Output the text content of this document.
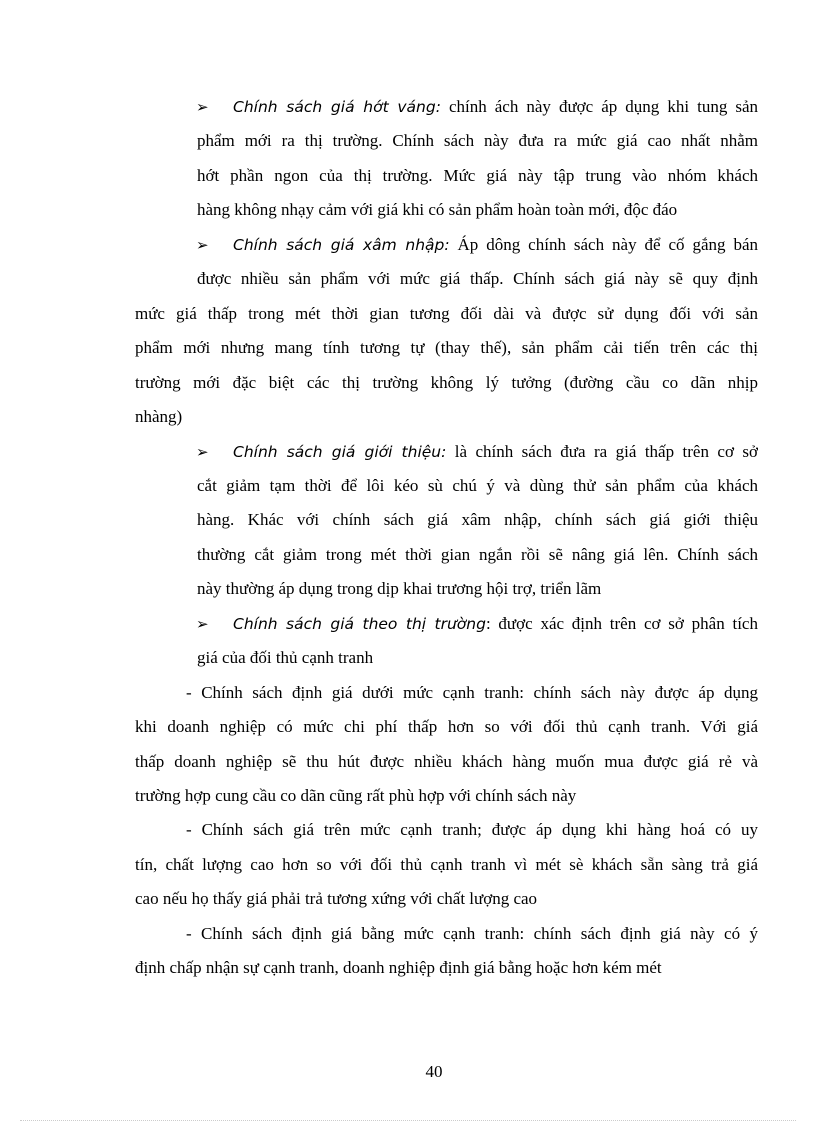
➢ Chính sách giá hớt váng: chính ách này được áp dụng khi tung sản
phẩm mới ra thị trường. Chính sách này đưa ra mức giá cao nhất nhằm
hớt phần ngon của thị trường. Mức giá này tập trung vào nhóm khách
hàng không nhạy cảm với giá khi có sản phẩm hoàn toàn mới, độc đáo
➢ Chính sách giá xâm nhập: Áp dông chính sách này để cố gắng bán
được nhiều sản phẩm với mức giá thấp. Chính sách giá này sẽ quy định
mức giá thấp trong mét thời gian tương đối dài và được sử dụng đối với sản
phẩm mới nhưng mang tính tương tự (thay thế), sản phẩm cải tiến trên các thị
trường mới đặc biệt các thị trường không lý tưởng (đường cầu co dãn nhịp
nhàng)
➢ Chính sách giá giới thiệu: là chính sách đưa ra giá thấp trên cơ sở
cắt giảm tạm thời để lôi kéo sù chú ý và dùng thử sản phẩm của khách
hàng. Khác với chính sách giá xâm nhập, chính sách giá giới thiệu
thường cắt giảm trong mét thời gian ngắn rồi sẽ nâng giá lên. Chính sách
này thường áp dụng trong dịp khai trương hội trợ, triển lãm
➢ Chính sách giá theo thị trường: được xác định trên cơ sở phân tích
giá của đối thủ cạnh tranh
- Chính sách định giá dưới mức cạnh tranh: chính sách này được áp dụng
khi doanh nghiệp có mức chi phí thấp hơn so với đối thủ cạnh tranh. Với giá
thấp doanh nghiệp sẽ thu hút được nhiều khách hàng muốn mua được giá rẻ và
trường hợp cung cầu co dãn cũng rất phù hợp với chính sách này
- Chính sách giá trên mức cạnh tranh; được áp dụng khi hàng hoá có uy
tín, chất lượng cao hơn so với đối thủ cạnh tranh vì mét sè khách sẵn sàng trả giá
cao nếu họ thấy giá phải trả tương xứng với chất lượng cao
- Chính sách định giá bằng mức cạnh tranh: chính sách định giá này có ý
định chấp nhận sự cạnh tranh, doanh nghiệp định giá bằng hoặc hơn kém mét
40
